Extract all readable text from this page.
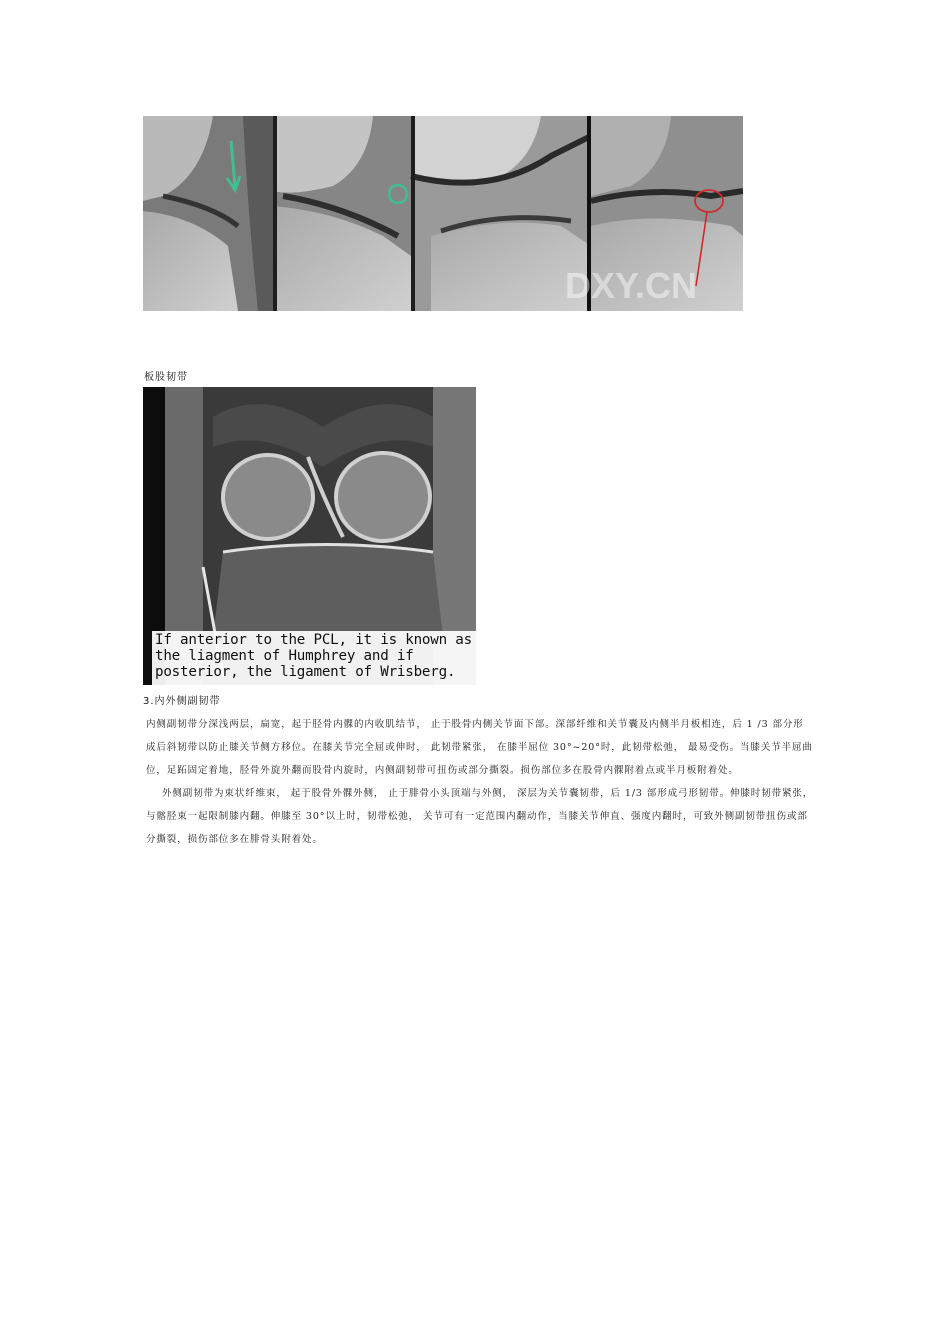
DXY.CN
板股韧带
If anterior to the PCL, it is known as
the liagment of Humphrey and if
posterior, the ligament of Wrisberg.
3.内外侧副韧带
内侧副韧带分深浅两层，扁宽，起于胫骨内髁的内收肌结节， 止于股骨内侧关节面下部。深部纤维和关节囊及内侧半月板相连，后 1 /3 部分形
成后斜韧带以防止膝关节侧方移位。在膝关节完全屈或伸时， 此韧带紧张， 在膝半屈位 30°~20°时，此韧带松弛， 最易受伤。当膝关节半屈曲
位，足跖固定着地，胫骨外旋外翻而股骨内旋时，内侧副韧带可扭伤或部分撕裂。损伤部位多在股骨内髁附着点或半月板附着处。
外侧副韧带为束状纤维束， 起于股骨外髁外侧， 止于腓骨小头顶端与外侧， 深层为关节囊韧带，后 1/3 部形成弓形韧带。伸膝时韧带紧张，
与髂胫束一起限制膝内翻。伸膝至 30°以上时，韧带松弛， 关节可有一定范围内翻动作，当膝关节伸直、强度内翻时，可致外侧副韧带扭伤或部
分撕裂，损伤部位多在腓骨头附着处。
